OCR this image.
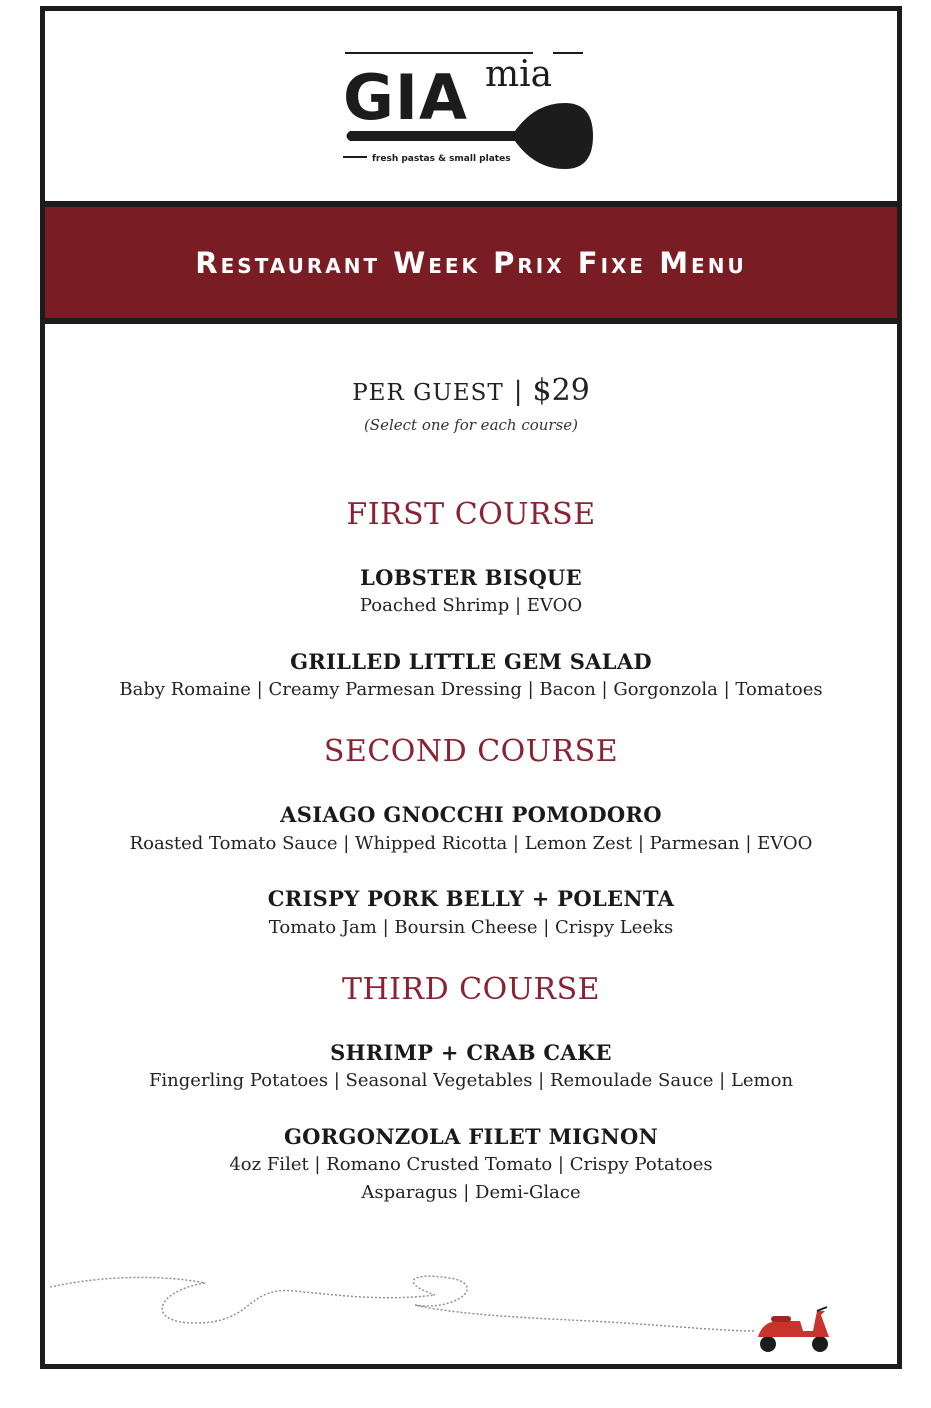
GIA mia
fresh pastas & small plates
Restaurant Week Prix Fixe Menu
PER GUEST | $29
(Select one for each course)
FIRST COURSE
LOBSTER BISQUE
Poached Shrimp | EVOO
GRILLED LITTLE GEM SALAD
Baby Romaine | Creamy Parmesan Dressing | Bacon | Gorgonzola | Tomatoes
SECOND COURSE
ASIAGO GNOCCHI POMODORO
Roasted Tomato Sauce | Whipped Ricotta | Lemon Zest | Parmesan | EVOO
CRISPY PORK BELLY + POLENTA
Tomato Jam | Boursin Cheese | Crispy Leeks
THIRD COURSE
SHRIMP + CRAB CAKE
Fingerling Potatoes | Seasonal Vegetables | Remoulade Sauce | Lemon
GORGONZOLA FILET MIGNON
4oz Filet | Romano Crusted Tomato | Crispy Potatoes
Asparagus | Demi-Glace
